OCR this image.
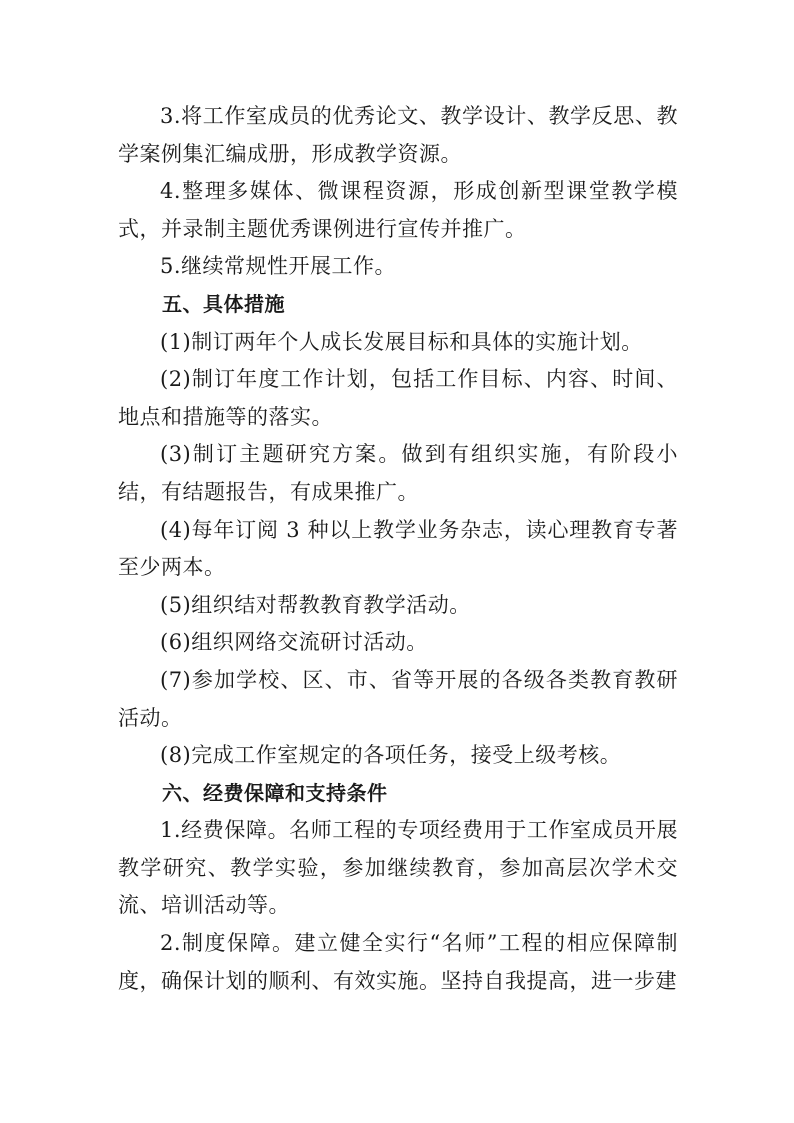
3.将工作室成员的优秀论文、教学设计、教学反思、教学案例集汇编成册，形成教学资源。

4.整理多媒体、微课程资源，形成创新型课堂教学模式，并录制主题优秀课例进行宣传并推广。

5.继续常规性开展工作。

五、具体措施

(1)制订两年个人成长发展目标和具体的实施计划。

(2)制订年度工作计划，包括工作目标、内容、时间、地点和措施等的落实。

(3)制订主题研究方案。做到有组织实施，有阶段小结，有结题报告，有成果推广。

(4)每年订阅 3 种以上教学业务杂志，读心理教育专著至少两本。

(5)组织结对帮教教育教学活动。

(6)组织网络交流研讨活动。

(7)参加学校、区、市、省等开展的各级各类教育教研活动。

(8)完成工作室规定的各项任务，接受上级考核。

六、经费保障和支持条件

1.经费保障。名师工程的专项经费用于工作室成员开展教学研究、教学实验，参加继续教育，参加高层次学术交流、培训活动等。

2.制度保障。建立健全实行“名师”工程的相应保障制度，确保计划的顺利、有效实施。坚持自我提高，进一步建
